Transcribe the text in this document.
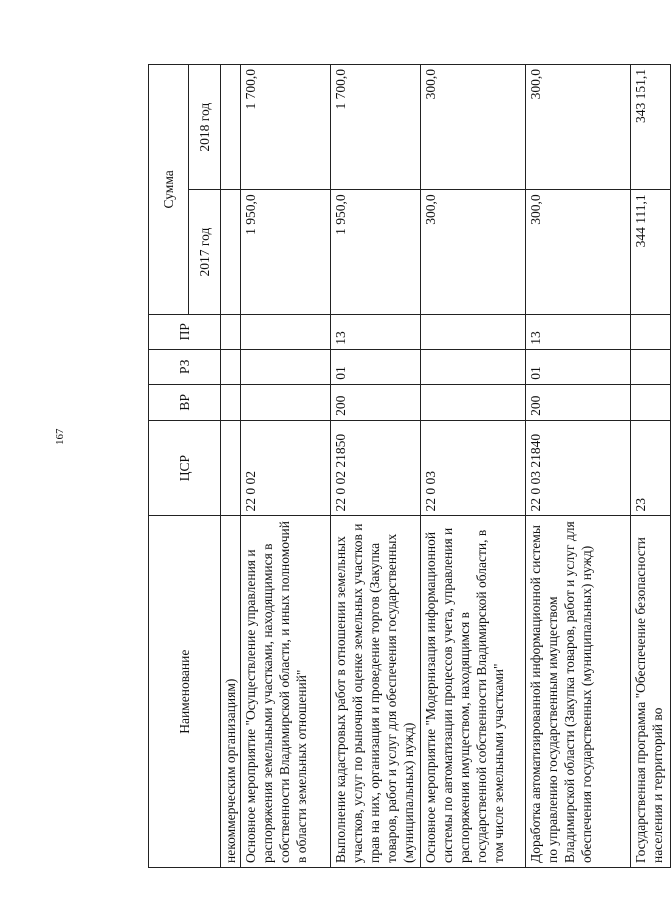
167
Наименование	ЦСР	ВР	РЗ	ПР	Сумма	
					2017 год	2018 год
некоммерческим организациям)						
Основное мероприятие "Осуществление управления и распоряжения земельными участками, находящимися в собственности Владимирской области, и иных полномочий в области земельных отношений"	22 0 02				1 950,0	1 700,0
Выполнение кадастровых работ в отношении земельных участков, услуг по рыночной оценке земельных участков и прав на них, организация и проведение торгов (Закупка товаров, работ и услуг для обеспечения государственных (муниципальных) нужд)	22 0 02 21850	200	01	13	1 950,0	1 700,0
Основное мероприятие "Модернизация информационной системы по автоматизации процессов учета, управления и распоряжения имуществом, находящимся в государственной собственности Владимирской области, в том числе земельными участками"	22 0 03				300,0	300,0
Доработка автоматизированной информационной системы по управлению государственным имуществом Владимирской области (Закупка товаров, работ и услуг для обеспечения государственных (муниципальных) нужд)	22 0 03 21840	200	01	13	300,0	300,0
Государственная программа "Обеспечение безопасности населения и территорий во	23				344 111,1	343 151,1
